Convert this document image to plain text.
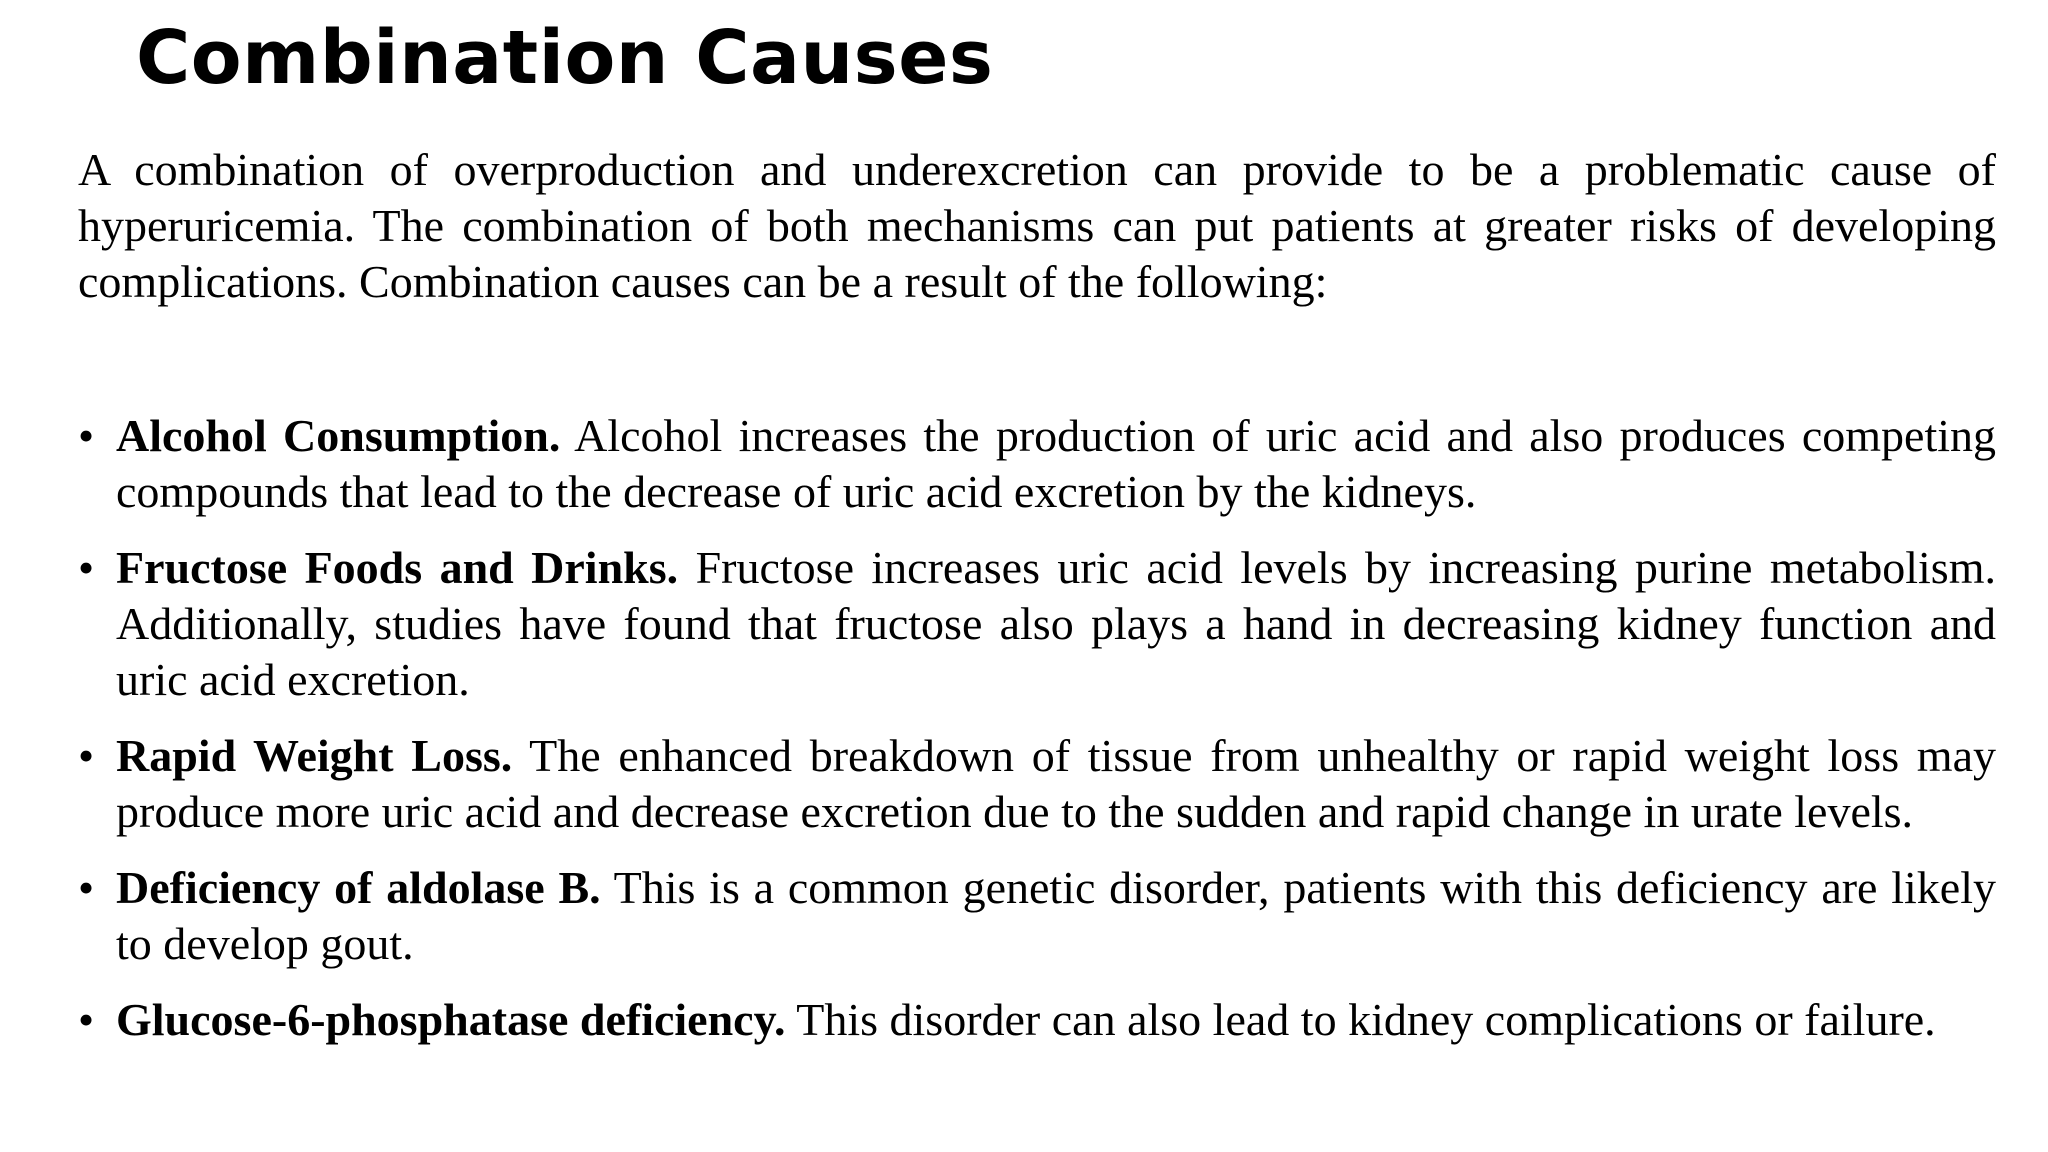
Combination Causes

A combination of overproduction and underexcretion can provide to be a problematic cause of hyperuricemia. The combination of both mechanisms can put patients at greater risks of developing complications. Combination causes can be a result of the following:

• Alcohol Consumption. Alcohol increases the production of uric acid and also produces competing compounds that lead to the decrease of uric acid excretion by the kidneys.
• Fructose Foods and Drinks. Fructose increases uric acid levels by increasing purine metabolism. Additionally, studies have found that fructose also plays a hand in decreasing kidney function and uric acid excretion.
• Rapid Weight Loss. The enhanced breakdown of tissue from unhealthy or rapid weight loss may produce more uric acid and decrease excretion due to the sudden and rapid change in urate levels.
• Deficiency of aldolase B. This is a common genetic disorder, patients with this deficiency are likely to develop gout.
• Glucose-6-phosphatase deficiency. This disorder can also lead to kidney complications or failure.
